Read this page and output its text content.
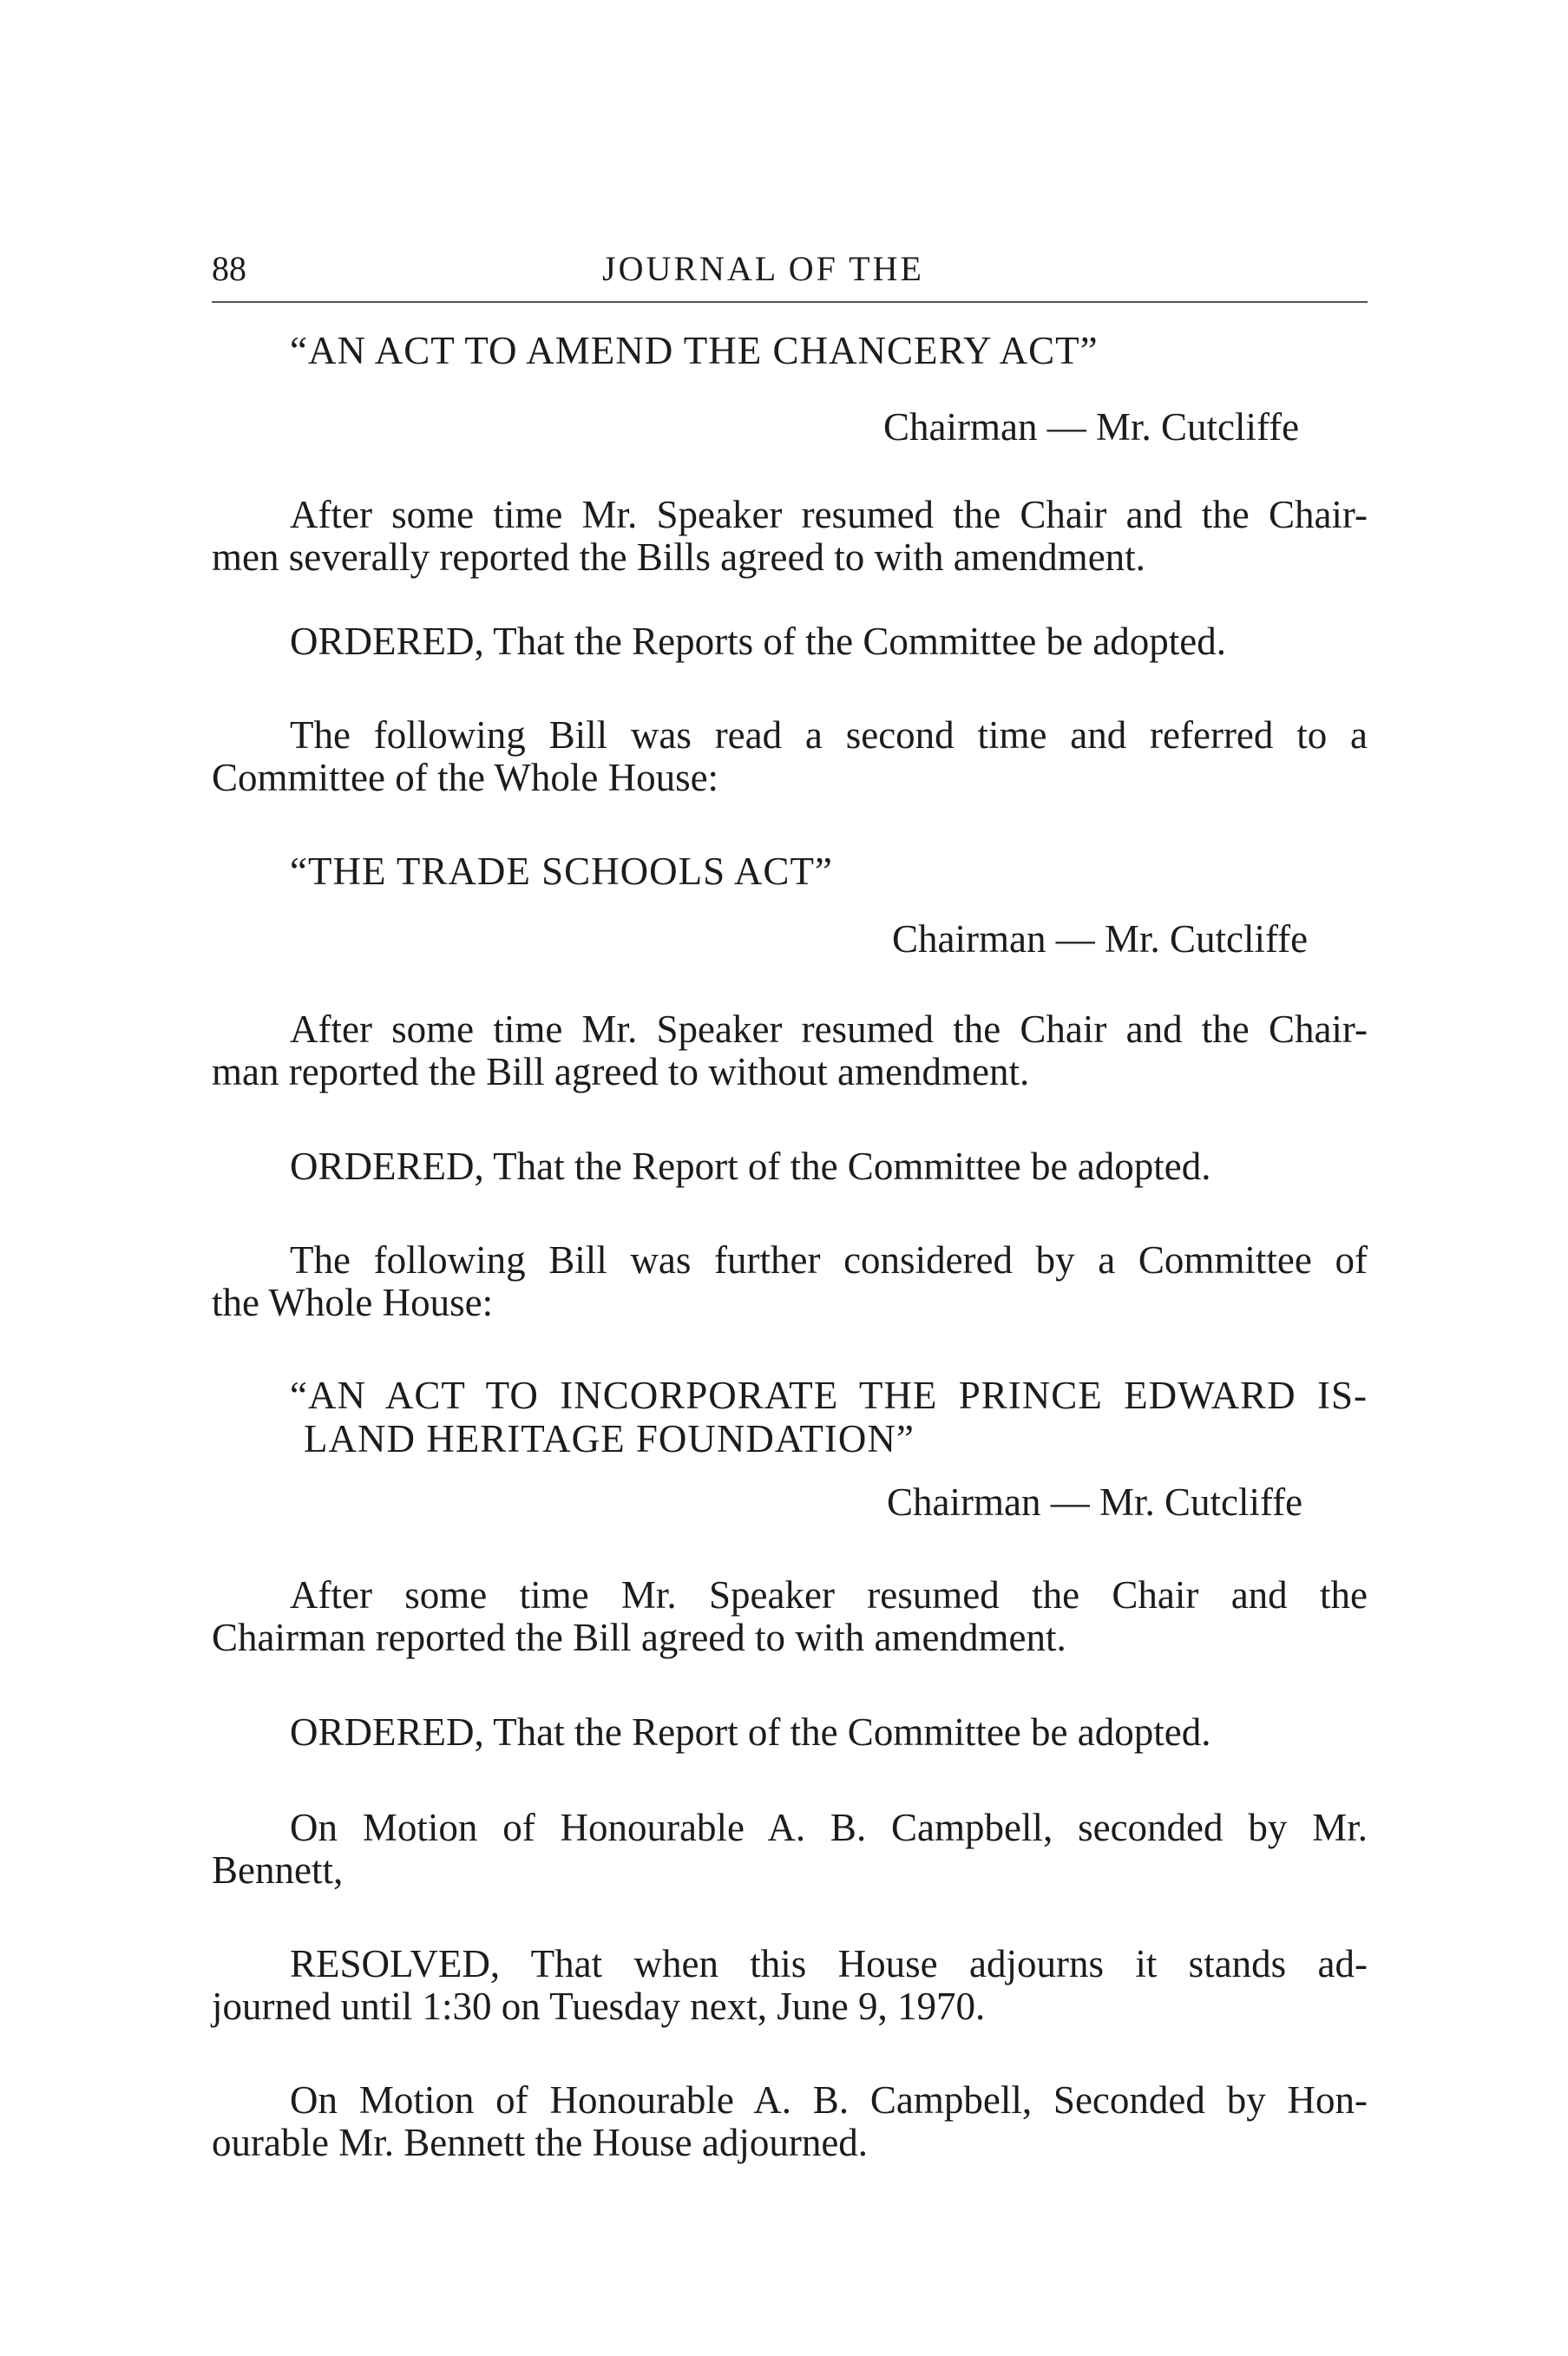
88	JOURNAL OF THE
“AN ACT TO AMEND THE CHANCERY ACT”
Chairman — Mr. Cutcliffe
After some time Mr. Speaker resumed the Chair and the Chair-
men severally reported the Bills agreed to with amendment.
ORDERED, That the Reports of the Committee be adopted.
The following Bill was read a second time and referred to a
Committee of the Whole House:
“THE TRADE SCHOOLS ACT”
Chairman — Mr. Cutcliffe
After some time Mr. Speaker resumed the Chair and the Chair-
man reported the Bill agreed to without amendment.
ORDERED, That the Report of the Committee be adopted.
The following Bill was further considered by a Committee of
the Whole House:
“AN ACT TO INCORPORATE THE PRINCE EDWARD IS-
LAND HERITAGE FOUNDATION”
Chairman — Mr. Cutcliffe
After some time Mr. Speaker resumed the Chair and the
Chairman reported the Bill agreed to with amendment.
ORDERED, That the Report of the Committee be adopted.
On Motion of Honourable A. B. Campbell, seconded by Mr.
Bennett,
RESOLVED, That when this House adjourns it stands ad-
journed until 1:30 on Tuesday next, June 9, 1970.
On Motion of Honourable A. B. Campbell, Seconded by Hon-
ourable Mr. Bennett the House adjourned.
